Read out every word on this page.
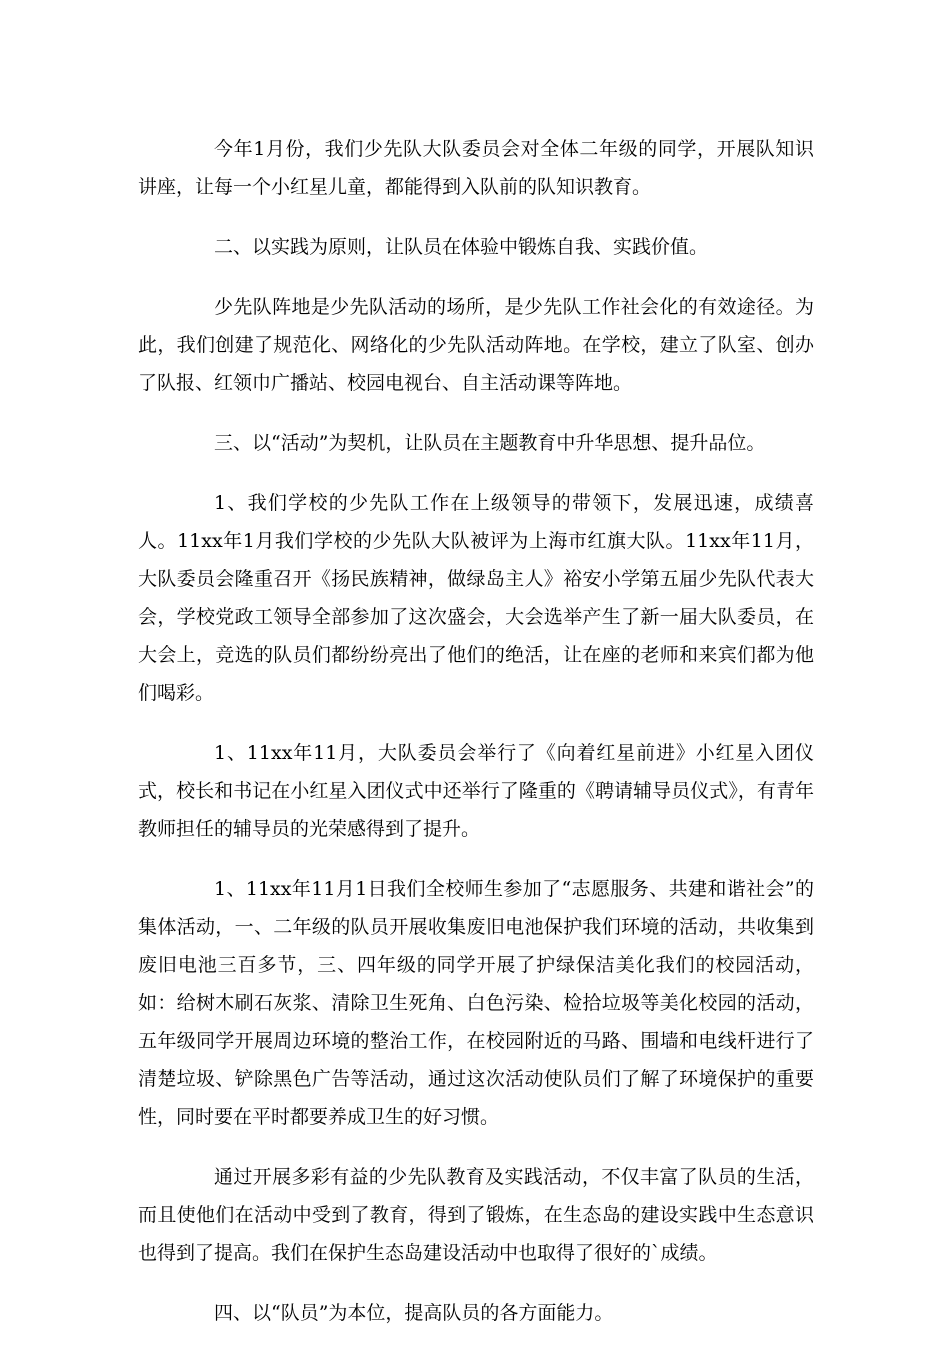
今年1月份，我们少先队大队委员会对全体二年级的同学，开展队知识讲座，让每一个小红星儿童，都能得到入队前的队知识教育。

二、以实践为原则，让队员在体验中锻炼自我、实践价值。

少先队阵地是少先队活动的场所，是少先队工作社会化的有效途径。为此，我们创建了规范化、网络化的少先队活动阵地。在学校，建立了队室、创办了队报、红领巾广播站、校园电视台、自主活动课等阵地。

三、以“活动”为契机，让队员在主题教育中升华思想、提升品位。

1、我们学校的少先队工作在上级领导的带领下，发展迅速，成绩喜人。11xx年1月我们学校的少先队大队被评为上海市红旗大队。11xx年11月，大队委员会隆重召开《扬民族精神，做绿岛主人》裕安小学第五届少先队代表大会，学校党政工领导全部参加了这次盛会，大会选举产生了新一届大队委员，在大会上，竞选的队员们都纷纷亮出了他们的绝活，让在座的老师和来宾们都为他们喝彩。

1、11xx年11月，大队委员会举行了《向着红星前进》小红星入团仪式，校长和书记在小红星入团仪式中还举行了隆重的《聘请辅导员仪式》，有青年教师担任的辅导员的光荣感得到了提升。

1、11xx年11月1日我们全校师生参加了“志愿服务、共建和谐社会”的集体活动，一、二年级的队员开展收集废旧电池保护我们环境的活动，共收集到废旧电池三百多节，三、四年级的同学开展了护绿保洁美化我们的校园活动，如：给树木刷石灰浆、清除卫生死角、白色污染、检拾垃圾等美化校园的活动，五年级同学开展周边环境的整治工作，在校园附近的马路、围墙和电线杆进行了清楚垃圾、铲除黑色广告等活动，通过这次活动使队员们了解了环境保护的重要性，同时要在平时都要养成卫生的好习惯。

通过开展多彩有益的少先队教育及实践活动，不仅丰富了队员的生活，而且使他们在活动中受到了教育，得到了锻炼，在生态岛的建设实践中生态意识也得到了提高。我们在保护生态岛建设活动中也取得了很好的`成绩。

四、以“队员”为本位，提高队员的各方面能力。
